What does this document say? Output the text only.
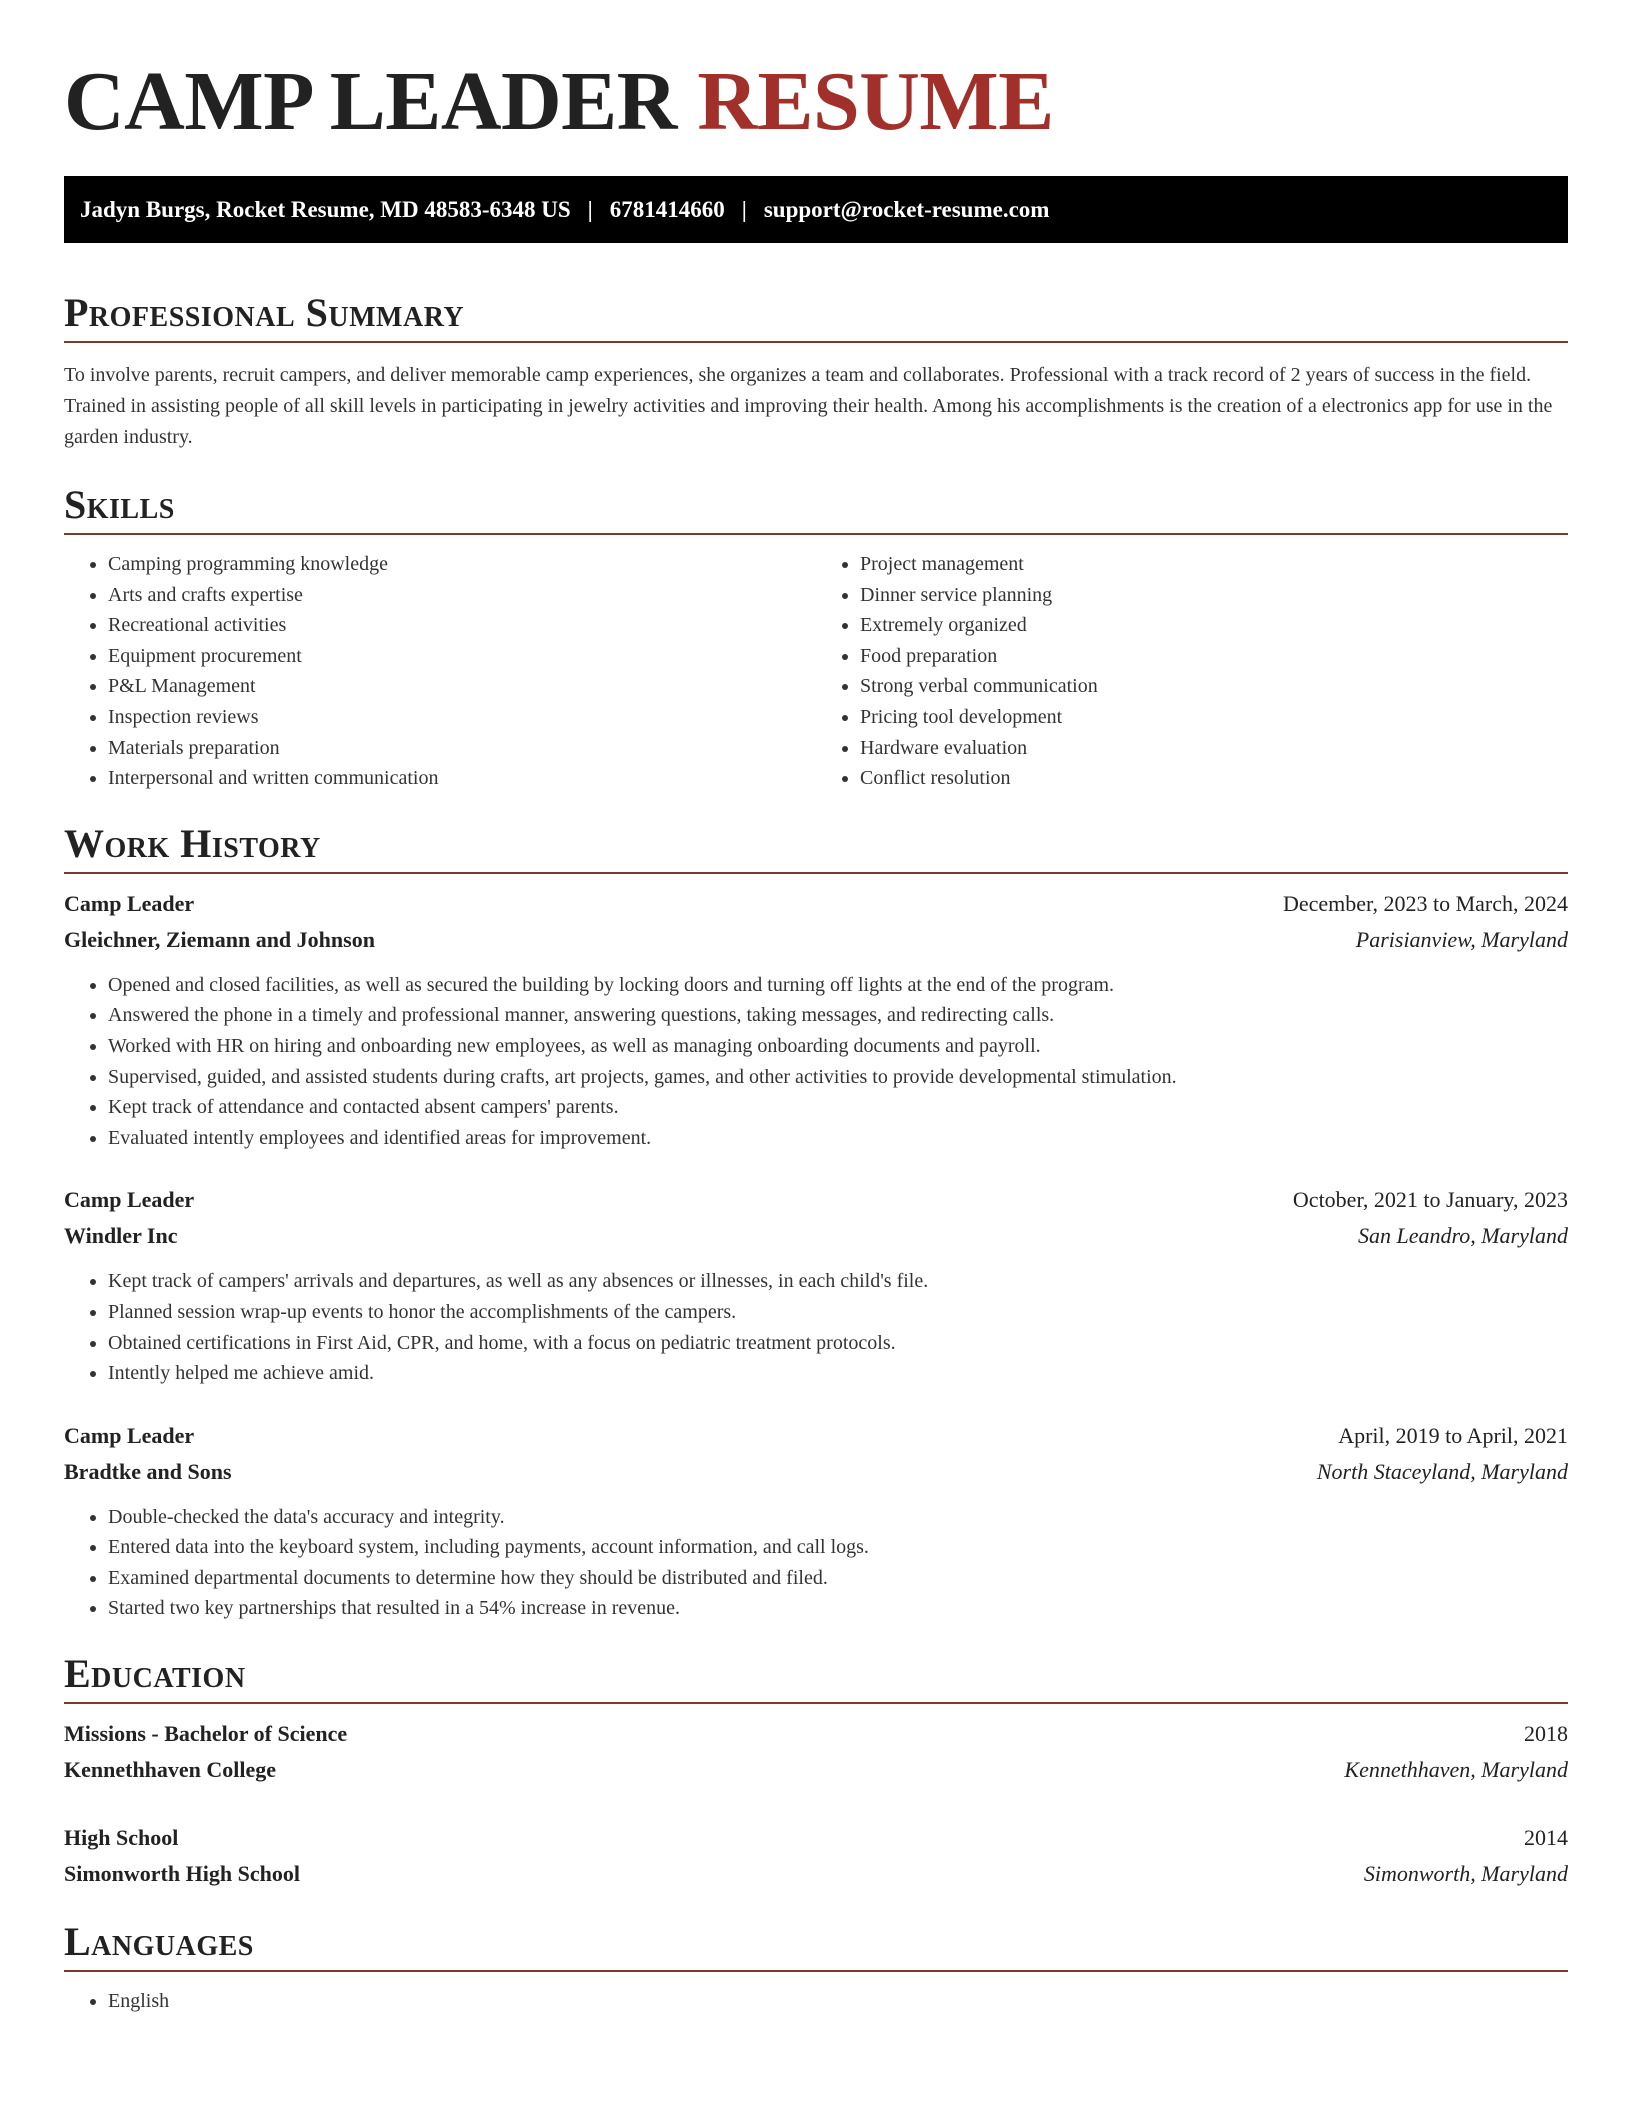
CAMP LEADER RESUME
Jadyn Burgs, Rocket Resume, MD 48583-6348 US | 6781414660 | support@rocket-resume.com
Professional Summary

To involve parents, recruit campers, and deliver memorable camp experiences, she organizes a team and collaborates. Professional with a track record of 2 years of success in the field. Trained in assisting people of all skill levels in participating in jewelry activities and improving their health. Among his accomplishments is the creation of a electronics app for use in the garden industry.

Skills
• Camping programming knowledge
• Arts and crafts expertise
• Recreational activities
• Equipment procurement
• P&L Management
• Inspection reviews
• Materials preparation
• Interpersonal and written communication
• Project management
• Dinner service planning
• Extremely organized
• Food preparation
• Strong verbal communication
• Pricing tool development
• Hardware evaluation
• Conflict resolution
Work History
Camp Leader	December, 2023 to March, 2024
Gleichner, Ziemann and Johnson	Parisianview, Maryland
• Opened and closed facilities, as well as secured the building by locking doors and turning off lights at the end of the program.
• Answered the phone in a timely and professional manner, answering questions, taking messages, and redirecting calls.
• Worked with HR on hiring and onboarding new employees, as well as managing onboarding documents and payroll.
• Supervised, guided, and assisted students during crafts, art projects, games, and other activities to provide developmental stimulation.
• Kept track of attendance and contacted absent campers' parents.
• Evaluated intently employees and identified areas for improvement.
Camp Leader	October, 2021 to January, 2023
Windler Inc	San Leandro, Maryland
• Kept track of campers' arrivals and departures, as well as any absences or illnesses, in each child's file.
• Planned session wrap-up events to honor the accomplishments of the campers.
• Obtained certifications in First Aid, CPR, and home, with a focus on pediatric treatment protocols.
• Intently helped me achieve amid.
Camp Leader	April, 2019 to April, 2021
Bradtke and Sons	North Staceyland, Maryland
• Double-checked the data's accuracy and integrity.
• Entered data into the keyboard system, including payments, account information, and call logs.
• Examined departmental documents to determine how they should be distributed and filed.
• Started two key partnerships that resulted in a 54% increase in revenue.
Education
Missions - Bachelor of Science	2018
Kennethhaven College	Kennethhaven, Maryland
High School	2014
Simonworth High School	Simonworth, Maryland
Languages
• English
